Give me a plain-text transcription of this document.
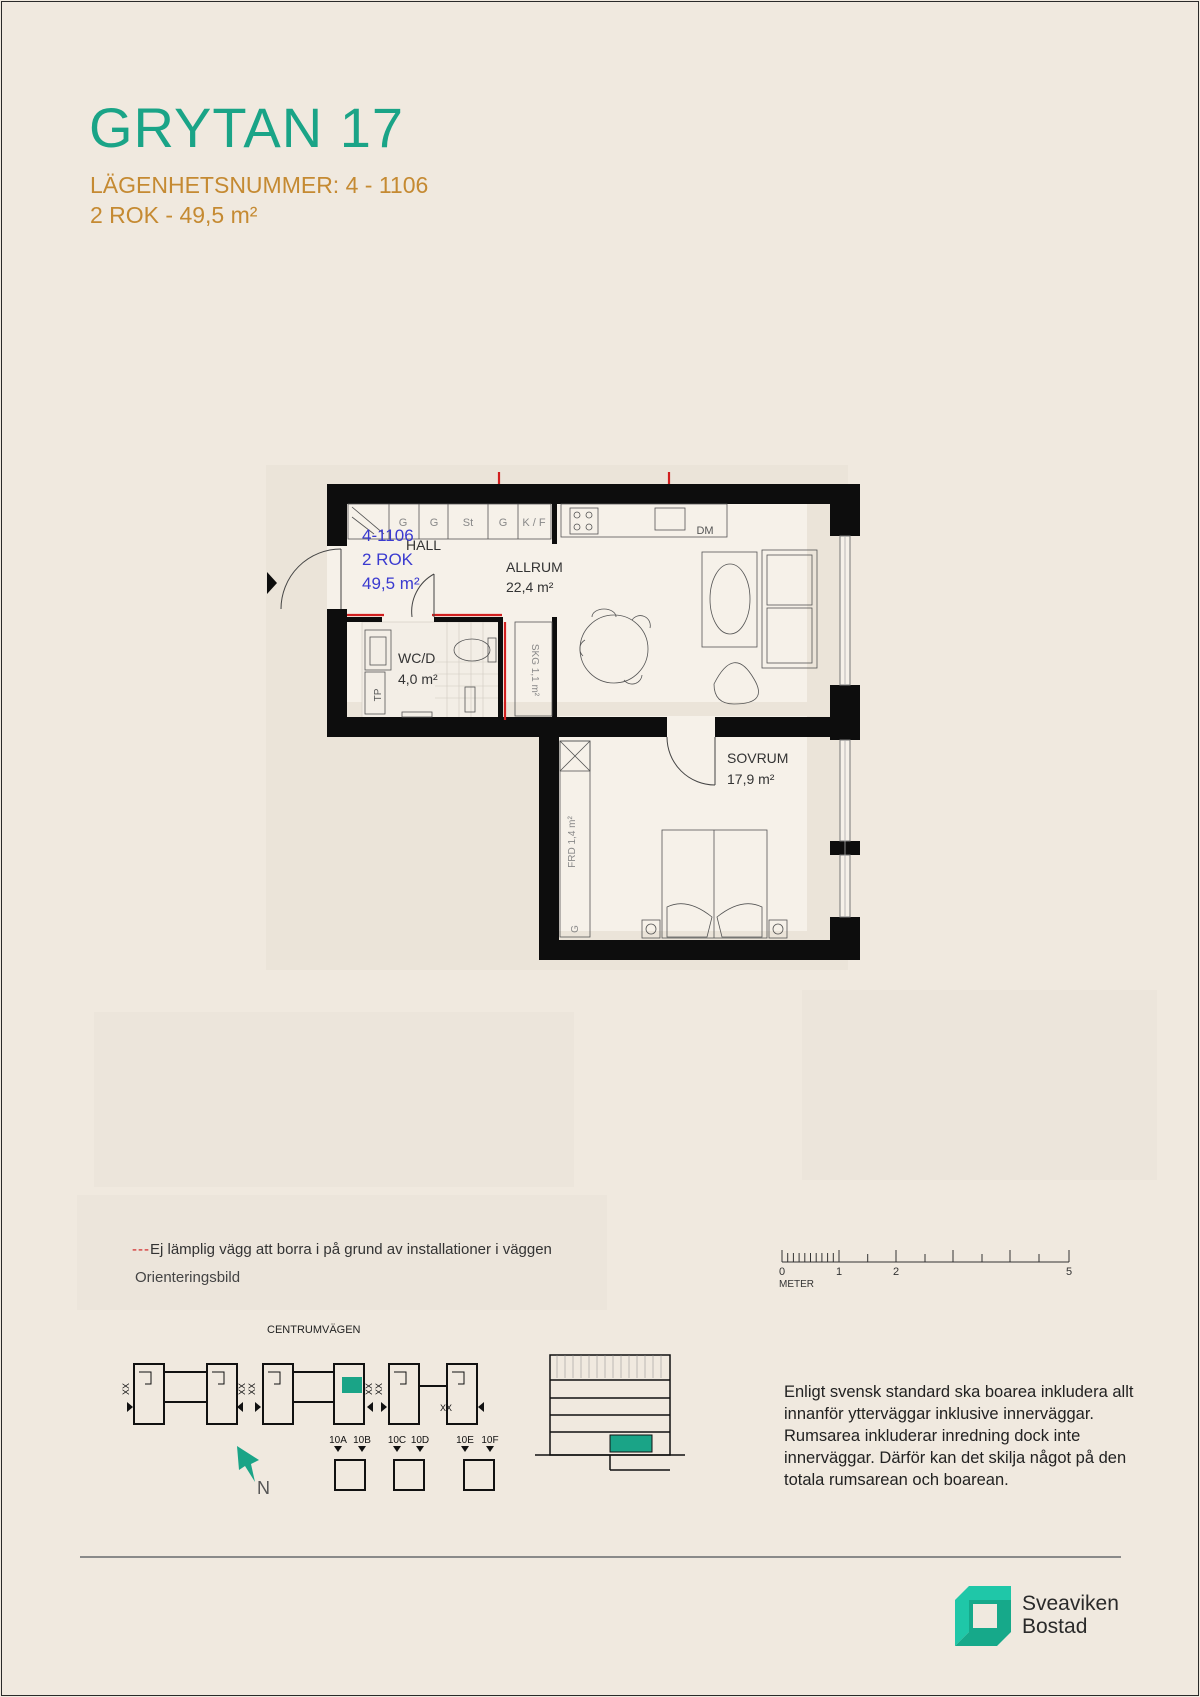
GRYTAN 17
LÄGENHETSNUMMER: 4 - 1106
2 ROK - 49,5 m²
G G St G K / F
DM
SKG 1,1 m²
FRD 1,4 m²
G
TP
HALL
ALLRUM
22,4 m²
WC/D
4,0 m²
SOVRUM
17,9 m²
4-1106
2 ROK
49,5 m²
---Ej lämplig vägg att borra i på grund av installationer i väggen
Orienteringsbild	0	1	2	5
METER
CENTRUMVÄGEN
XX	XX XX	XX XX
XX
10A 10B 10C 10D	10E 10F
N

Enligt svensk standard ska boarea inkludera allt

innanför ytterväggar inklusive innerväggar.

Rumsarea inkluderar inredning dock inte

innerväggar. Därför kan det skilja något på den

totala rumsarean och boarean.

Sveaviken
Bostad
